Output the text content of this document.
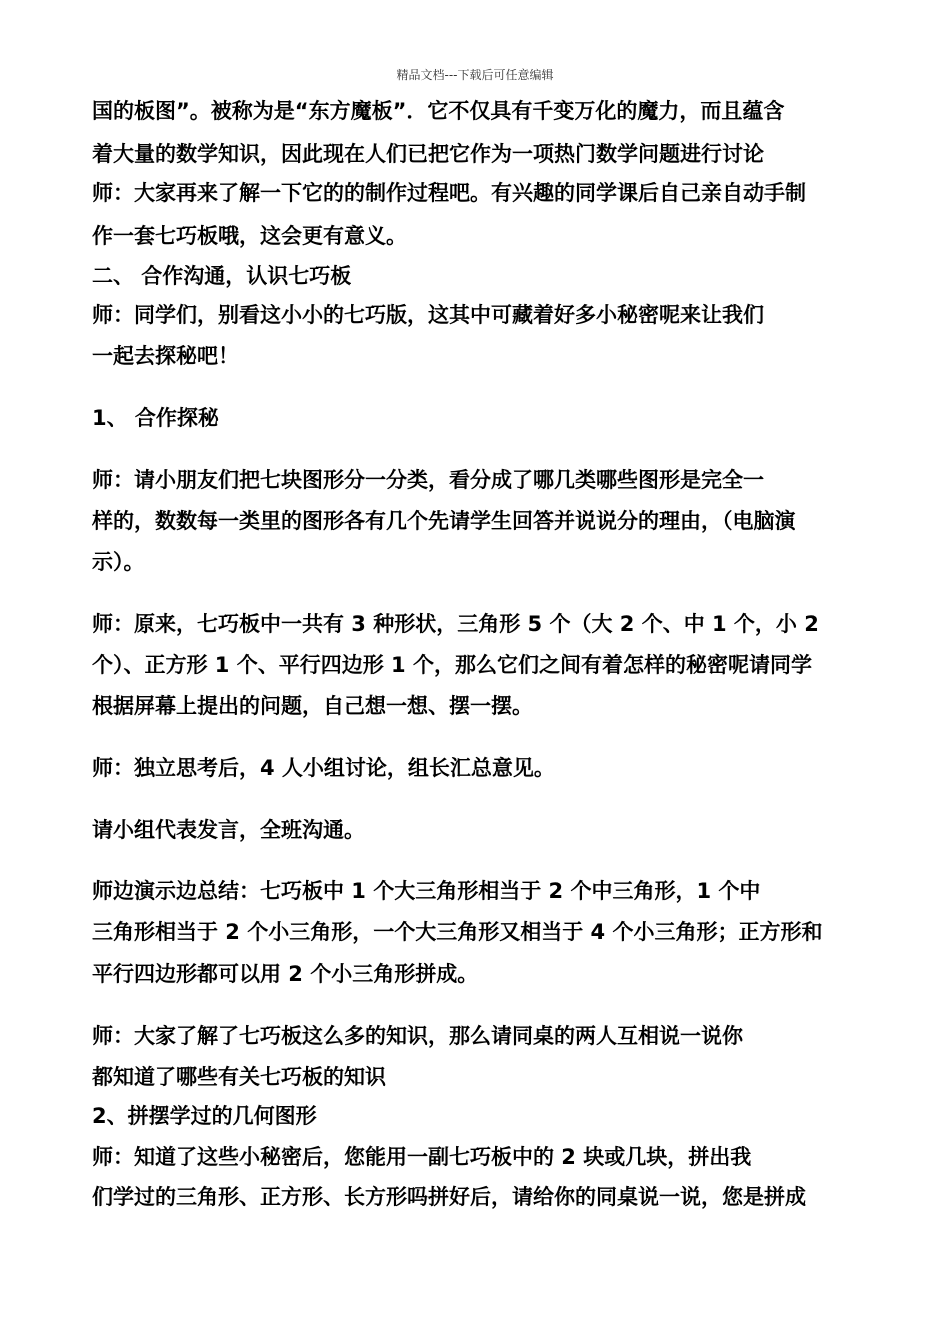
精品文档---下载后可任意编辑
国的板图”。被称为是“东方魔板”．它不仅具有千变万化的魔力，而且蕴含
着大量的数学知识，因此现在人们已把它作为一项热门数学问题进行讨论
师：大家再来了解一下它的的制作过程吧。有兴趣的同学课后自己亲自动手制
作一套七巧板哦，这会更有意义。
二、 合作沟通，认识七巧板
师：同学们，别看这小小的七巧版，这其中可藏着好多小秘密呢来让我们
一起去探秘吧！
1、 合作探秘
师：请小朋友们把七块图形分一分类，看分成了哪几类哪些图形是完全一
样的，数数每一类里的图形各有几个先请学生回答并说说分的理由，（电脑演
示）。
师：原来，七巧板中一共有 3 种形状，三角形 5 个（大 2 个、中 1 个，小 2
个）、正方形 1 个、平行四边形 1 个，那么它们之间有着怎样的秘密呢请同学
根据屏幕上提出的问题，自己想一想、摆一摆。
师：独立思考后，4 人小组讨论，组长汇总意见。
请小组代表发言，全班沟通。
师边演示边总结：七巧板中 1 个大三角形相当于 2 个中三角形，1 个中
三角形相当于 2 个小三角形，一个大三角形又相当于 4 个小三角形；正方形和
平行四边形都可以用 2 个小三角形拼成。
师：大家了解了七巧板这么多的知识，那么请同桌的两人互相说一说你
都知道了哪些有关七巧板的知识
2、拼摆学过的几何图形
师：知道了这些小秘密后，您能用一副七巧板中的 2 块或几块，拼出我
们学过的三角形、正方形、长方形吗拼好后，请给你的同桌说一说，您是拼成
